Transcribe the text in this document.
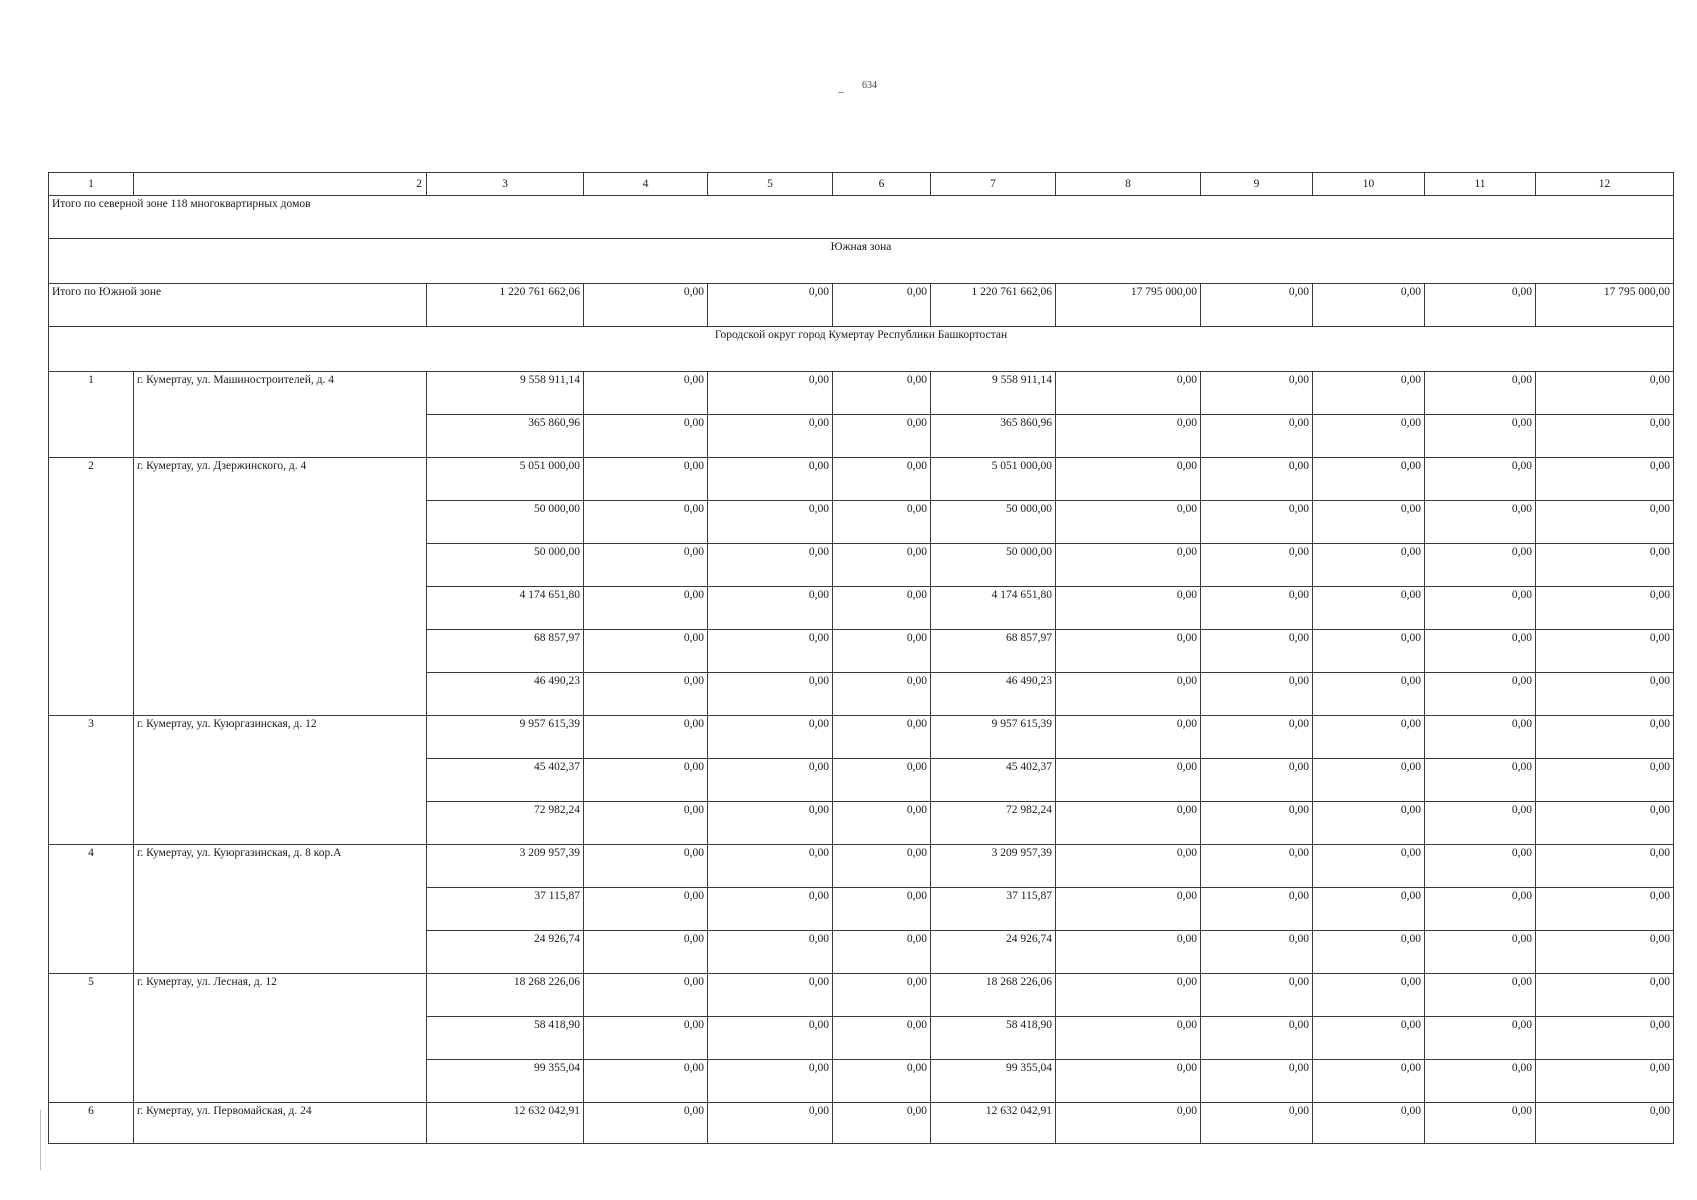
634
1	2	3	4	5	6	7	8	9	10	11	12
Итого по северной зоне 118 многоквартирных домов											
Южная зона											
Итого по Южной зоне		1 220 761 662,06	0,00	0,00	0,00	1 220 761 662,06	17 795 000,00	0,00	0,00	0,00	17 795 000,00
Городской округ город Кумертау Республики Башкортостан											
1	г. Кумертау, ул. Машиностроителей, д. 4	9 558 911,14	0,00	0,00	0,00	9 558 911,14	0,00	0,00	0,00	0,00	0,00
		365 860,96	0,00	0,00	0,00	365 860,96	0,00	0,00	0,00	0,00	0,00
2	г. Кумертау, ул. Дзержинского, д. 4	5 051 000,00	0,00	0,00	0,00	5 051 000,00	0,00	0,00	0,00	0,00	0,00
		50 000,00	0,00	0,00	0,00	50 000,00	0,00	0,00	0,00	0,00	0,00
		50 000,00	0,00	0,00	0,00	50 000,00	0,00	0,00	0,00	0,00	0,00
		4 174 651,80	0,00	0,00	0,00	4 174 651,80	0,00	0,00	0,00	0,00	0,00
		68 857,97	0,00	0,00	0,00	68 857,97	0,00	0,00	0,00	0,00	0,00
		46 490,23	0,00	0,00	0,00	46 490,23	0,00	0,00	0,00	0,00	0,00
3	г. Кумертау, ул. Куюргазинская, д. 12	9 957 615,39	0,00	0,00	0,00	9 957 615,39	0,00	0,00	0,00	0,00	0,00
		45 402,37	0,00	0,00	0,00	45 402,37	0,00	0,00	0,00	0,00	0,00
		72 982,24	0,00	0,00	0,00	72 982,24	0,00	0,00	0,00	0,00	0,00
4	г. Кумертау, ул. Куюргазинская, д. 8 кор.А	3 209 957,39	0,00	0,00	0,00	3 209 957,39	0,00	0,00	0,00	0,00	0,00
		37 115,87	0,00	0,00	0,00	37 115,87	0,00	0,00	0,00	0,00	0,00
		24 926,74	0,00	0,00	0,00	24 926,74	0,00	0,00	0,00	0,00	0,00
5	г. Кумертау, ул. Лесная, д. 12	18 268 226,06	0,00	0,00	0,00	18 268 226,06	0,00	0,00	0,00	0,00	0,00
		58 418,90	0,00	0,00	0,00	58 418,90	0,00	0,00	0,00	0,00	0,00
		99 355,04	0,00	0,00	0,00	99 355,04	0,00	0,00	0,00	0,00	0,00
6	г. Кумертау, ул. Первомайская, д. 24	12 632 042,91	0,00	0,00	0,00	12 632 042,91	0,00	0,00	0,00	0,00	0,00
